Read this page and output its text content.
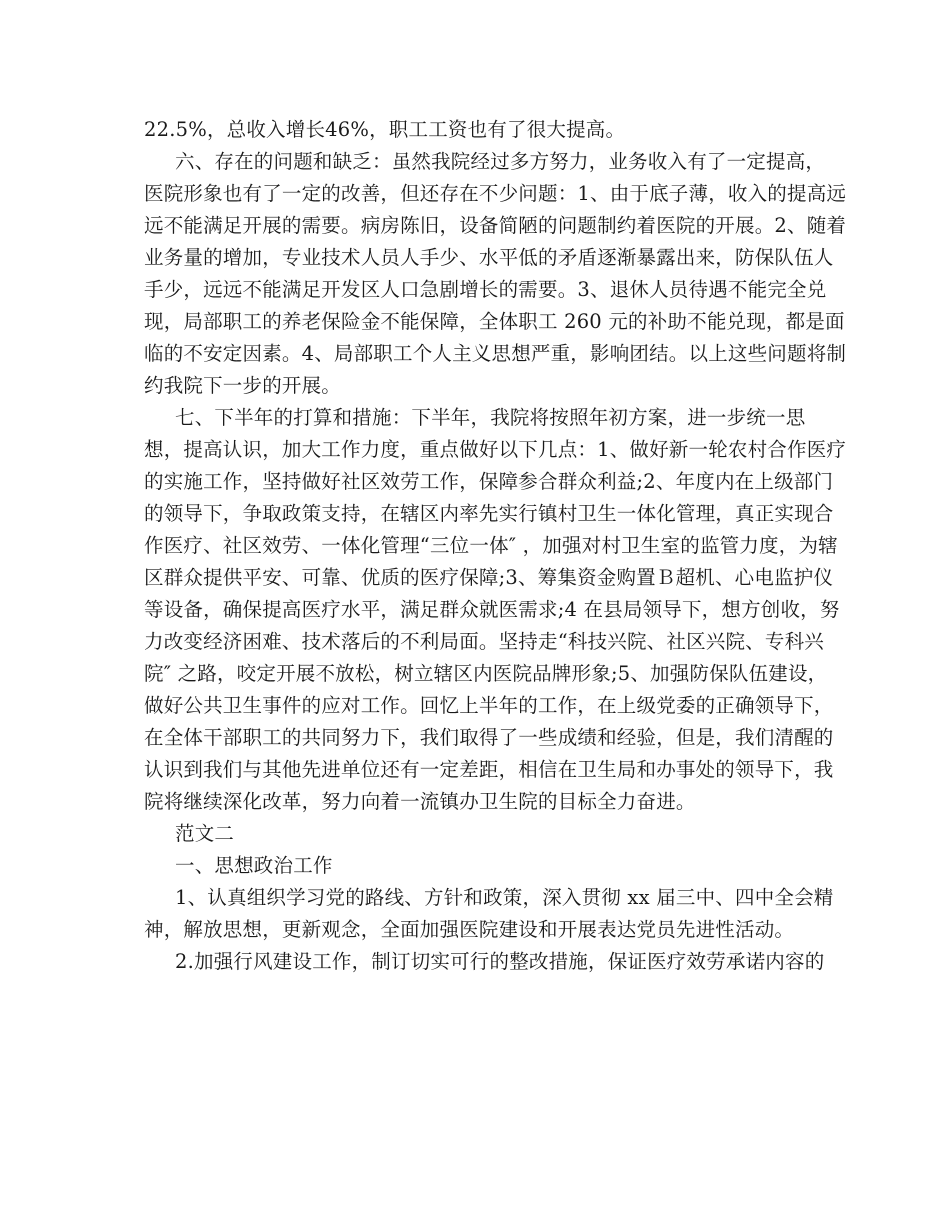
22.5%，总收入增长46%，职工工资也有了很大提高。
六、存在的问题和缺乏：虽然我院经过多方努力，业务收入有了一定提高，
医院形象也有了一定的改善，但还存在不少问题：1、由于底子薄，收入的提高远
远不能满足开展的需要。病房陈旧，设备简陋的问题制约着医院的开展。2、随着
业务量的增加，专业技术人员人手少、水平低的矛盾逐渐暴露出来，防保队伍人
手少，远远不能满足开发区人口急剧增长的需要。3、退休人员待遇不能完全兑
现，局部职工的养老保险金不能保障，全体职工 260 元的补助不能兑现，都是面
临的不安定因素。4、局部职工个人主义思想严重，影响团结。以上这些问题将制
约我院下一步的开展。
七、下半年的打算和措施：下半年，我院将按照年初方案，进一步统一思
想，提高认识，加大工作力度，重点做好以下几点：1、做好新一轮农村合作医疗
的实施工作，坚持做好社区效劳工作，保障参合群众利益;2、年度内在上级部门
的领导下，争取政策支持，在辖区内率先实行镇村卫生一体化管理，真正实现合
作医疗、社区效劳、一体化管理“三位一体″ ，加强对村卫生室的监管力度，为辖
区群众提供平安、可靠、优质的医疗保障;3、筹集资金购置Ｂ超机、心电监护仪
等设备，确保提高医疗水平，满足群众就医需求;4 在县局领导下，想方创收，努
力改变经济困难、技术落后的不利局面。坚持走“科技兴院、社区兴院、专科兴
院″ 之路，咬定开展不放松，树立辖区内医院品牌形象;5、加强防保队伍建设，
做好公共卫生事件的应对工作。回忆上半年的工作，在上级党委的正确领导下，
在全体干部职工的共同努力下，我们取得了一些成绩和经验，但是，我们清醒的
认识到我们与其他先进单位还有一定差距，相信在卫生局和办事处的领导下，我
院将继续深化改革，努力向着一流镇办卫生院的目标全力奋进。
范文二
一、思想政治工作
1、认真组织学习党的路线、方针和政策，深入贯彻 xx 届三中、四中全会精
神，解放思想，更新观念，全面加强医院建设和开展表达党员先进性活动。
2.加强行风建设工作，制订切实可行的整改措施，保证医疗效劳承诺内容的
